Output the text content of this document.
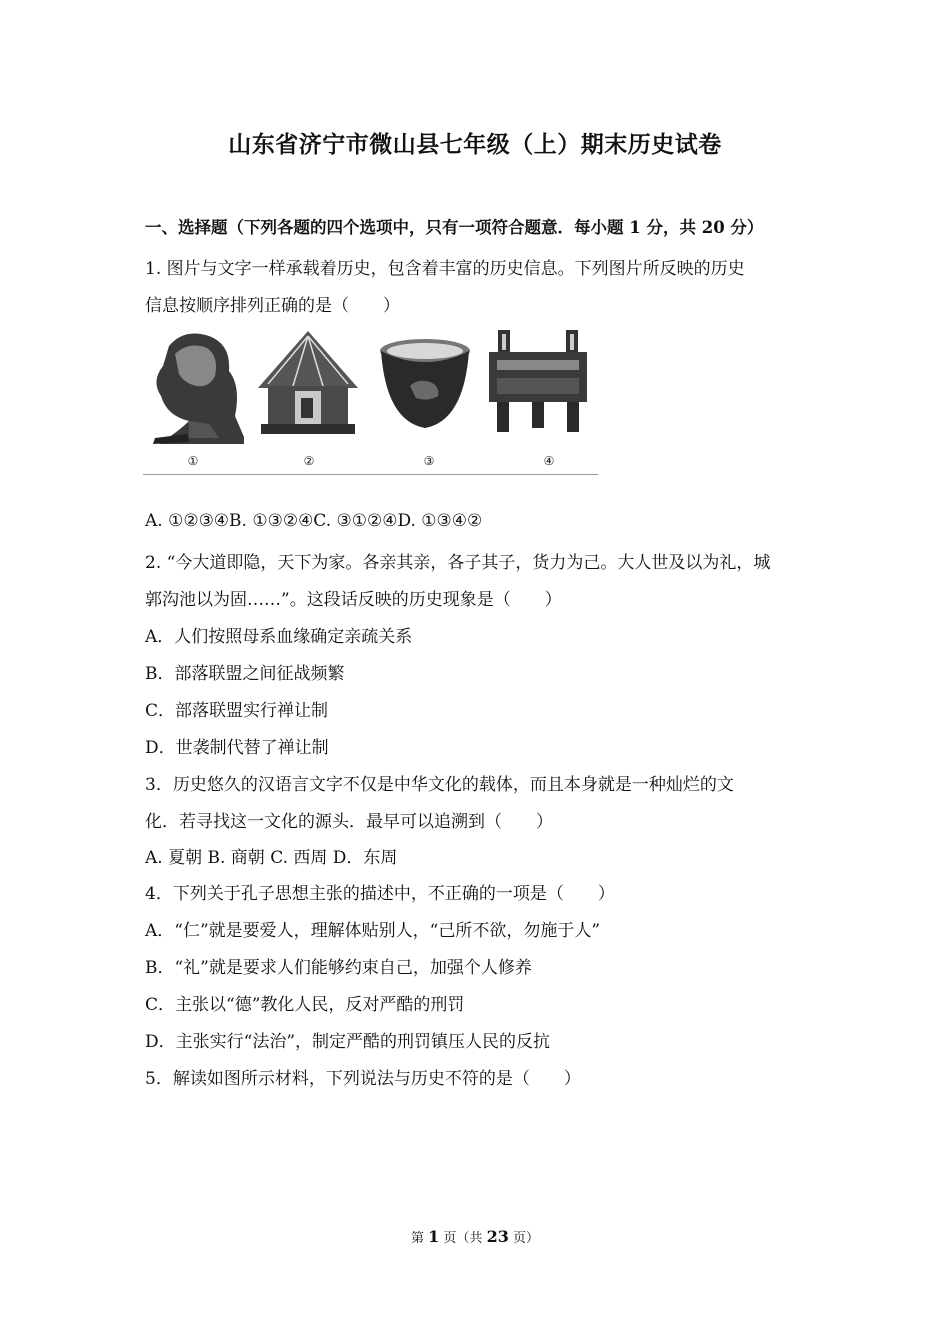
山东省济宁市微山县七年级（上）期末历史试卷
一、选择题（下列各题的四个选项中，只有一项符合题意．每小题 1 分，共 20 分）
1. 图片与文字一样承载着历史，包含着丰富的历史信息。下列图片所反映的历史
信息按顺序排列正确的是（　　）
①	②	③	④
A. ①②③④B. ①③②④C. ③①②④D. ①③④②
2. “今大道即隐，天下为家。各亲其亲，各子其子，货力为己。大人世及以为礼，城
郭沟池以为固……”。这段话反映的历史现象是（　　）
A．人们按照母系血缘确定亲疏关系
B．部落联盟之间征战频繁
C．部落联盟实行禅让制
D．世袭制代替了禅让制
3．历史悠久的汉语言文字不仅是中华文化的载体，而且本身就是一种灿烂的文
化．若寻找这一文化的源头．最早可以追溯到（　　）
A. 夏朝 B. 商朝 C. 西周 D．东周
4．下列关于孔子思想主张的描述中，不正确的一项是（　　）
A．“仁”就是要爱人，理解体贴别人，“己所不欲，勿施于人”
B．“礼”就是要求人们能够约束自己，加强个人修养
C．主张以“德”教化人民，反对严酷的刑罚
D．主张实行“法治”，制定严酷的刑罚镇压人民的反抗
5．解读如图所示材料，下列说法与历史不符的是（　　）
第 1 页（共 23 页）
